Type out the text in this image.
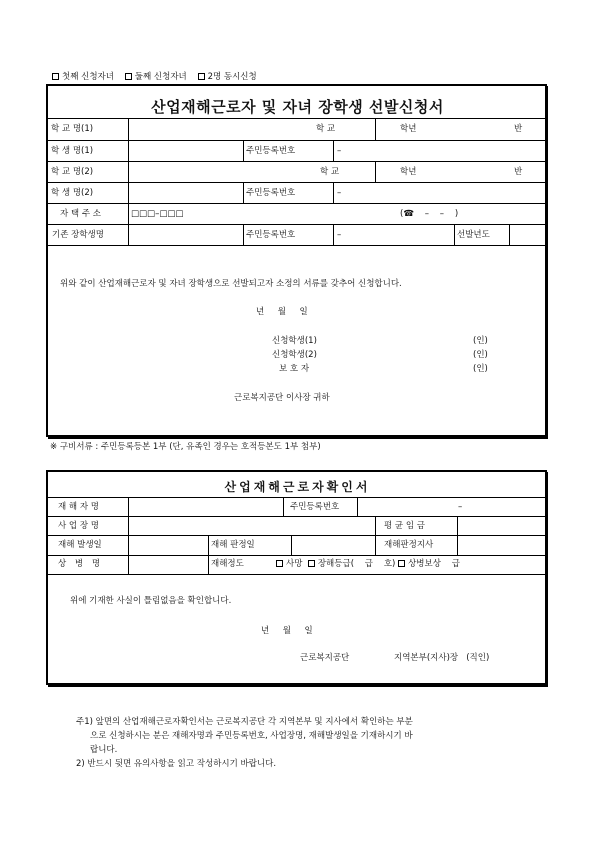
첫째 신청자녀 둘째 신청자녀 2명 동시신청
산업재해근로자 및 자녀 장학생 선발신청서
학 교 명(1)	학 교	학년	반
학 생 명(1)	주민등록번호	–
학 교 명(2)	학 교	학년	반
학 생 명(2)	주민등록번호	–
자 택 주 소	□□□–□□□	(☎    –    –    )
기존 장학생명	주민등록번호	–	선발년도
위와 같이 산업재해근로자 및 자녀 장학생으로 선발되고자 소정의 서류를 갖추어 신청합니다.
년     월     일
신청학생(1)	(인)
신청학생(2)	(인)
보 호 자	(인)
근로복지공단 이사장 귀하
※ 구비서류 : 주민등록등본 1부 (단, 유족인 경우는 호적등본도 1부 첨부)
산업재해근로자확인서
재 해 자 명	주민등록번호	–
사 업 장 명	평 균 임 금
재해 발생일	재해 판정일	재해판정지사
상 병 명	재해정도	사망 장해등급(    급    호) 상병보상    급
위에 기재한 사실이 틀림없음을 확인합니다.
년     월     일
근로복지공단	지역본부(지사)장   (직인)
주1) 앞면의 산업재해근로자확인서는 근로복지공단 각 지역본부 및 지사에서 확인하는 부분
으로 신청하시는 분은 재해자명과 주민등록번호, 사업장명, 재해발생일을 기재하시기 바
랍니다.
2) 반드시 뒷면 유의사항을 읽고 작성하시기 바랍니다.
